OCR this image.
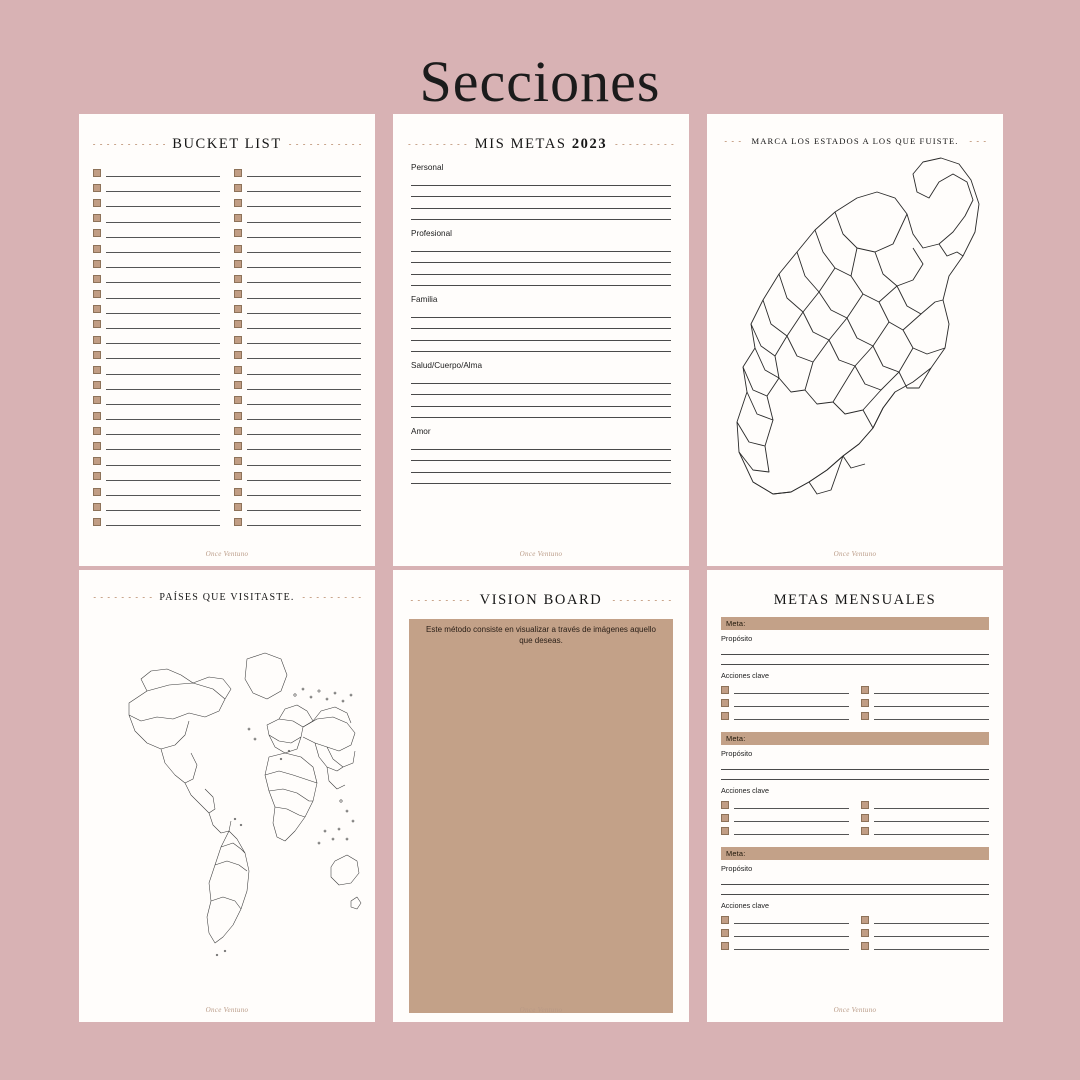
Secciones
BUCKET LIST
Once Ventuno
MIS METAS 2023
Personal
Profesional
Familia
Salud/Cuerpo/Alma
Amor
Once Ventuno
MARCA LOS ESTADOS A LOS QUE FUISTE.
Once Ventuno
PAÍSES QUE VISITASTE.
Once Ventuno
VISION BOARD
Este método consiste en visualizar a través de imágenes aquello que deseas.
Once Ventuno
METAS MENSUALES
Meta:
Propósito
Acciones clave
Meta:
Propósito
Acciones clave
Meta:
Propósito
Acciones clave
Once Ventuno
